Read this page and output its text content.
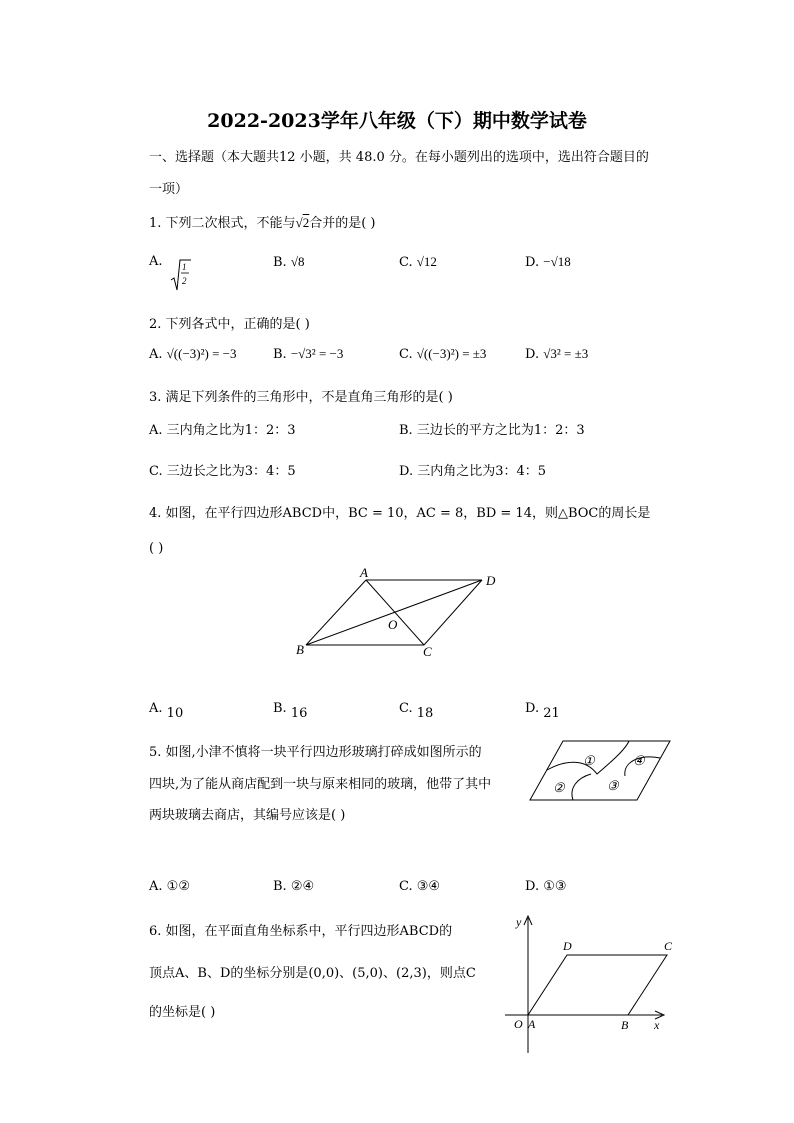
2022-2023学年八年级（下）期中数学试卷
一、选择题（本大题共12 小题，共 48.0 分。在每小题列出的选项中，选出符合题目的
一项）
1. 下列二次根式，不能与√2合并的是( )
A. 1
2
B. √8	C. √12	D. −√18
2. 下列各式中，正确的是( )
A. √((−3)²) = −3	B. −√3² = −3	C. √((−3)²) = ±3	D. √3² = ±3
3. 满足下列条件的三角形中，不是直角三角形的是( )
A. 三内角之比为1：2：3	B. 三边长的平方之比为1：2：3
C. 三边长之比为3：4：5	D. 三内角之比为3：4：5
4. 如图，在平行四边形ABCD中，BC = 10，AC = 8，BD = 14，则△BOC的周长是
( )
A
D
O
B	C
A. 10	B. 16	C. 18	D. 21
5. 如图,小津不慎将一块平行四边形玻璃打碎成如图所示的
四块,为了能从商店配到一块与原来相同的玻璃，他带了其中
两块玻璃去商店，其编号应该是( )
①	④
②	③
A. ①②	B. ②④	C. ③④	D. ①③
6. 如图，在平面直角坐标系中，平行四边形ABCD的
顶点A、B、D的坐标分别是(0,0)、(5,0)、(2,3)，则点C
的坐标是( )
y
D	C
O A	B x
